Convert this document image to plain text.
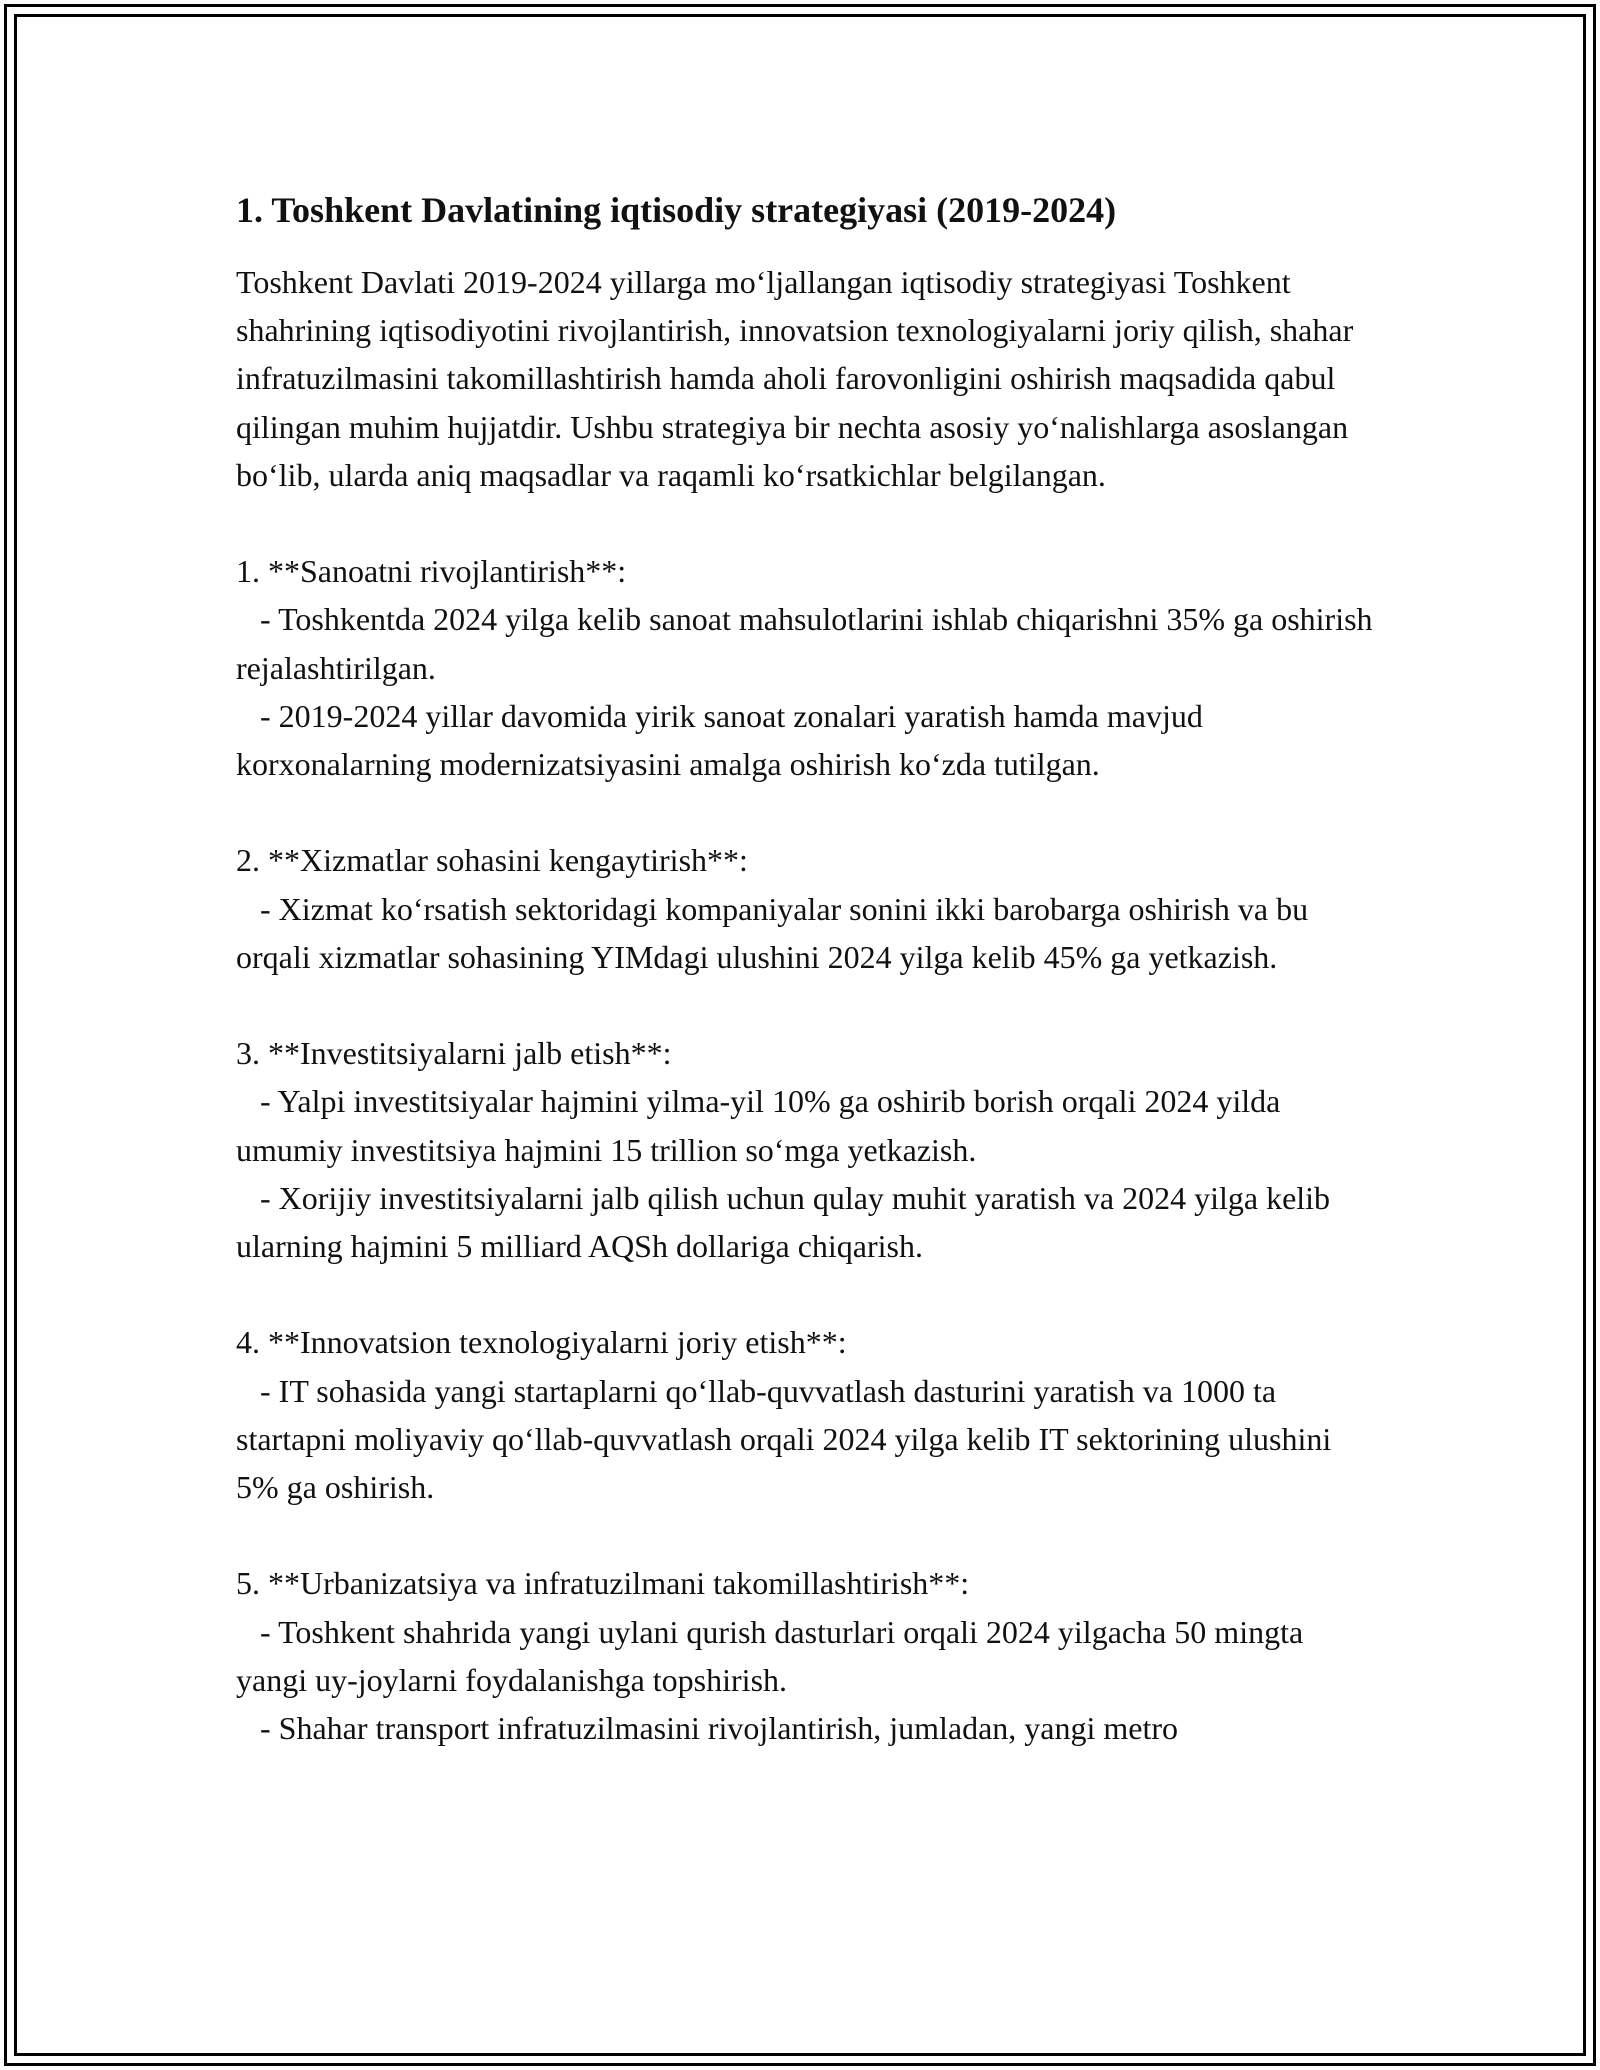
1. Toshkent Davlatining iqtisodiy strategiyasi (2019-2024)

Toshkent Davlati 2019-2024 yillarga moʻljallangan iqtisodiy strategiyasi Toshkent shahrining iqtisodiyotini rivojlantirish, innovatsion texnologiyalarni joriy qilish, shahar infratuzilmasini takomillashtirish hamda aholi farovonligini oshirish maqsadida qabul qilingan muhim hujjatdir. Ushbu strategiya bir nechta asosiy yoʻnalishlarga asoslangan boʻlib, ularda aniq maqsadlar va raqamli koʻrsatkichlar belgilangan.

1. **Sanoatni rivojlantirish**:

- Toshkentda 2024 yilga kelib sanoat mahsulotlarini ishlab chiqarishni 35% ga oshirish rejalashtirilgan.

- 2019-2024 yillar davomida yirik sanoat zonalari yaratish hamda mavjud korxonalarning modernizatsiyasini amalga oshirish koʻzda tutilgan.

2. **Xizmatlar sohasini kengaytirish**:

- Xizmat koʻrsatish sektoridagi kompaniyalar sonini ikki barobarga oshirish va bu orqali xizmatlar sohasining YIMdagi ulushini 2024 yilga kelib 45% ga yetkazish.

3. **Investitsiyalarni jalb etish**:

- Yalpi investitsiyalar hajmini yilma-yil 10% ga oshirib borish orqali 2024 yilda umumiy investitsiya hajmini 15 trillion soʻmga yetkazish.

- Xorijiy investitsiyalarni jalb qilish uchun qulay muhit yaratish va 2024 yilga kelib ularning hajmini 5 milliard AQSh dollariga chiqarish.

4. **Innovatsion texnologiyalarni joriy etish**:

- IT sohasida yangi startaplarni qoʻllab-quvvatlash dasturini yaratish va 1000 ta startapni moliyaviy qoʻllab-quvvatlash orqali 2024 yilga kelib IT sektorining ulushini 5% ga oshirish.

5. **Urbanizatsiya va infratuzilmani takomillashtirish**:

- Toshkent shahrida yangi uylani qurish dasturlari orqali 2024 yilgacha 50 mingta yangi uy-joylarni foydalanishga topshirish.

- Shahar transport infratuzilmasini rivojlantirish, jumladan, yangi metro
